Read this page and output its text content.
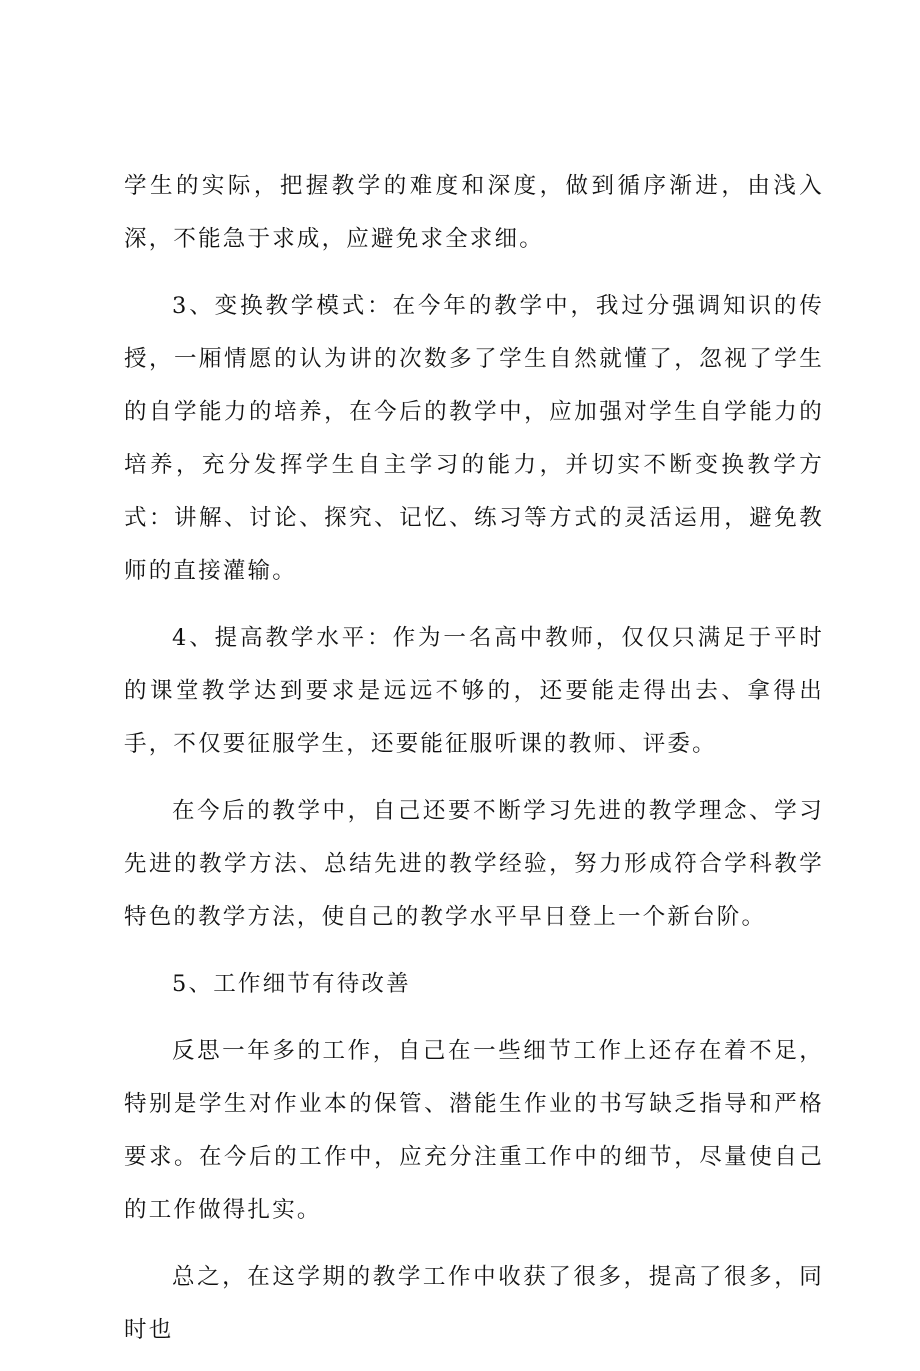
学生的实际，把握教学的难度和深度，做到循序渐进，由浅入深，不能急于求成，应避免求全求细。

3、变换教学模式：在今年的教学中，我过分强调知识的传授，一厢情愿的认为讲的次数多了学生自然就懂了，忽视了学生的自学能力的培养，在今后的教学中，应加强对学生自学能力的培养，充分发挥学生自主学习的能力，并切实不断变换教学方式：讲解、讨论、探究、记忆、练习等方式的灵活运用，避免教师的直接灌输。

4、提高教学水平：作为一名高中教师，仅仅只满足于平时的课堂教学达到要求是远远不够的，还要能走得出去、拿得出手，不仅要征服学生，还要能征服听课的教师、评委。

在今后的教学中，自己还要不断学习先进的教学理念、学习先进的教学方法、总结先进的教学经验，努力形成符合学科教学特色的教学方法，使自己的教学水平早日登上一个新台阶。

5、工作细节有待改善

反思一年多的工作，自己在一些细节工作上还存在着不足，特别是学生对作业本的保管、潜能生作业的书写缺乏指导和严格要求。在今后的工作中，应充分注重工作中的细节，尽量使自己的工作做得扎实。

总之，在这学期的教学工作中收获了很多，提高了很多，同时也
